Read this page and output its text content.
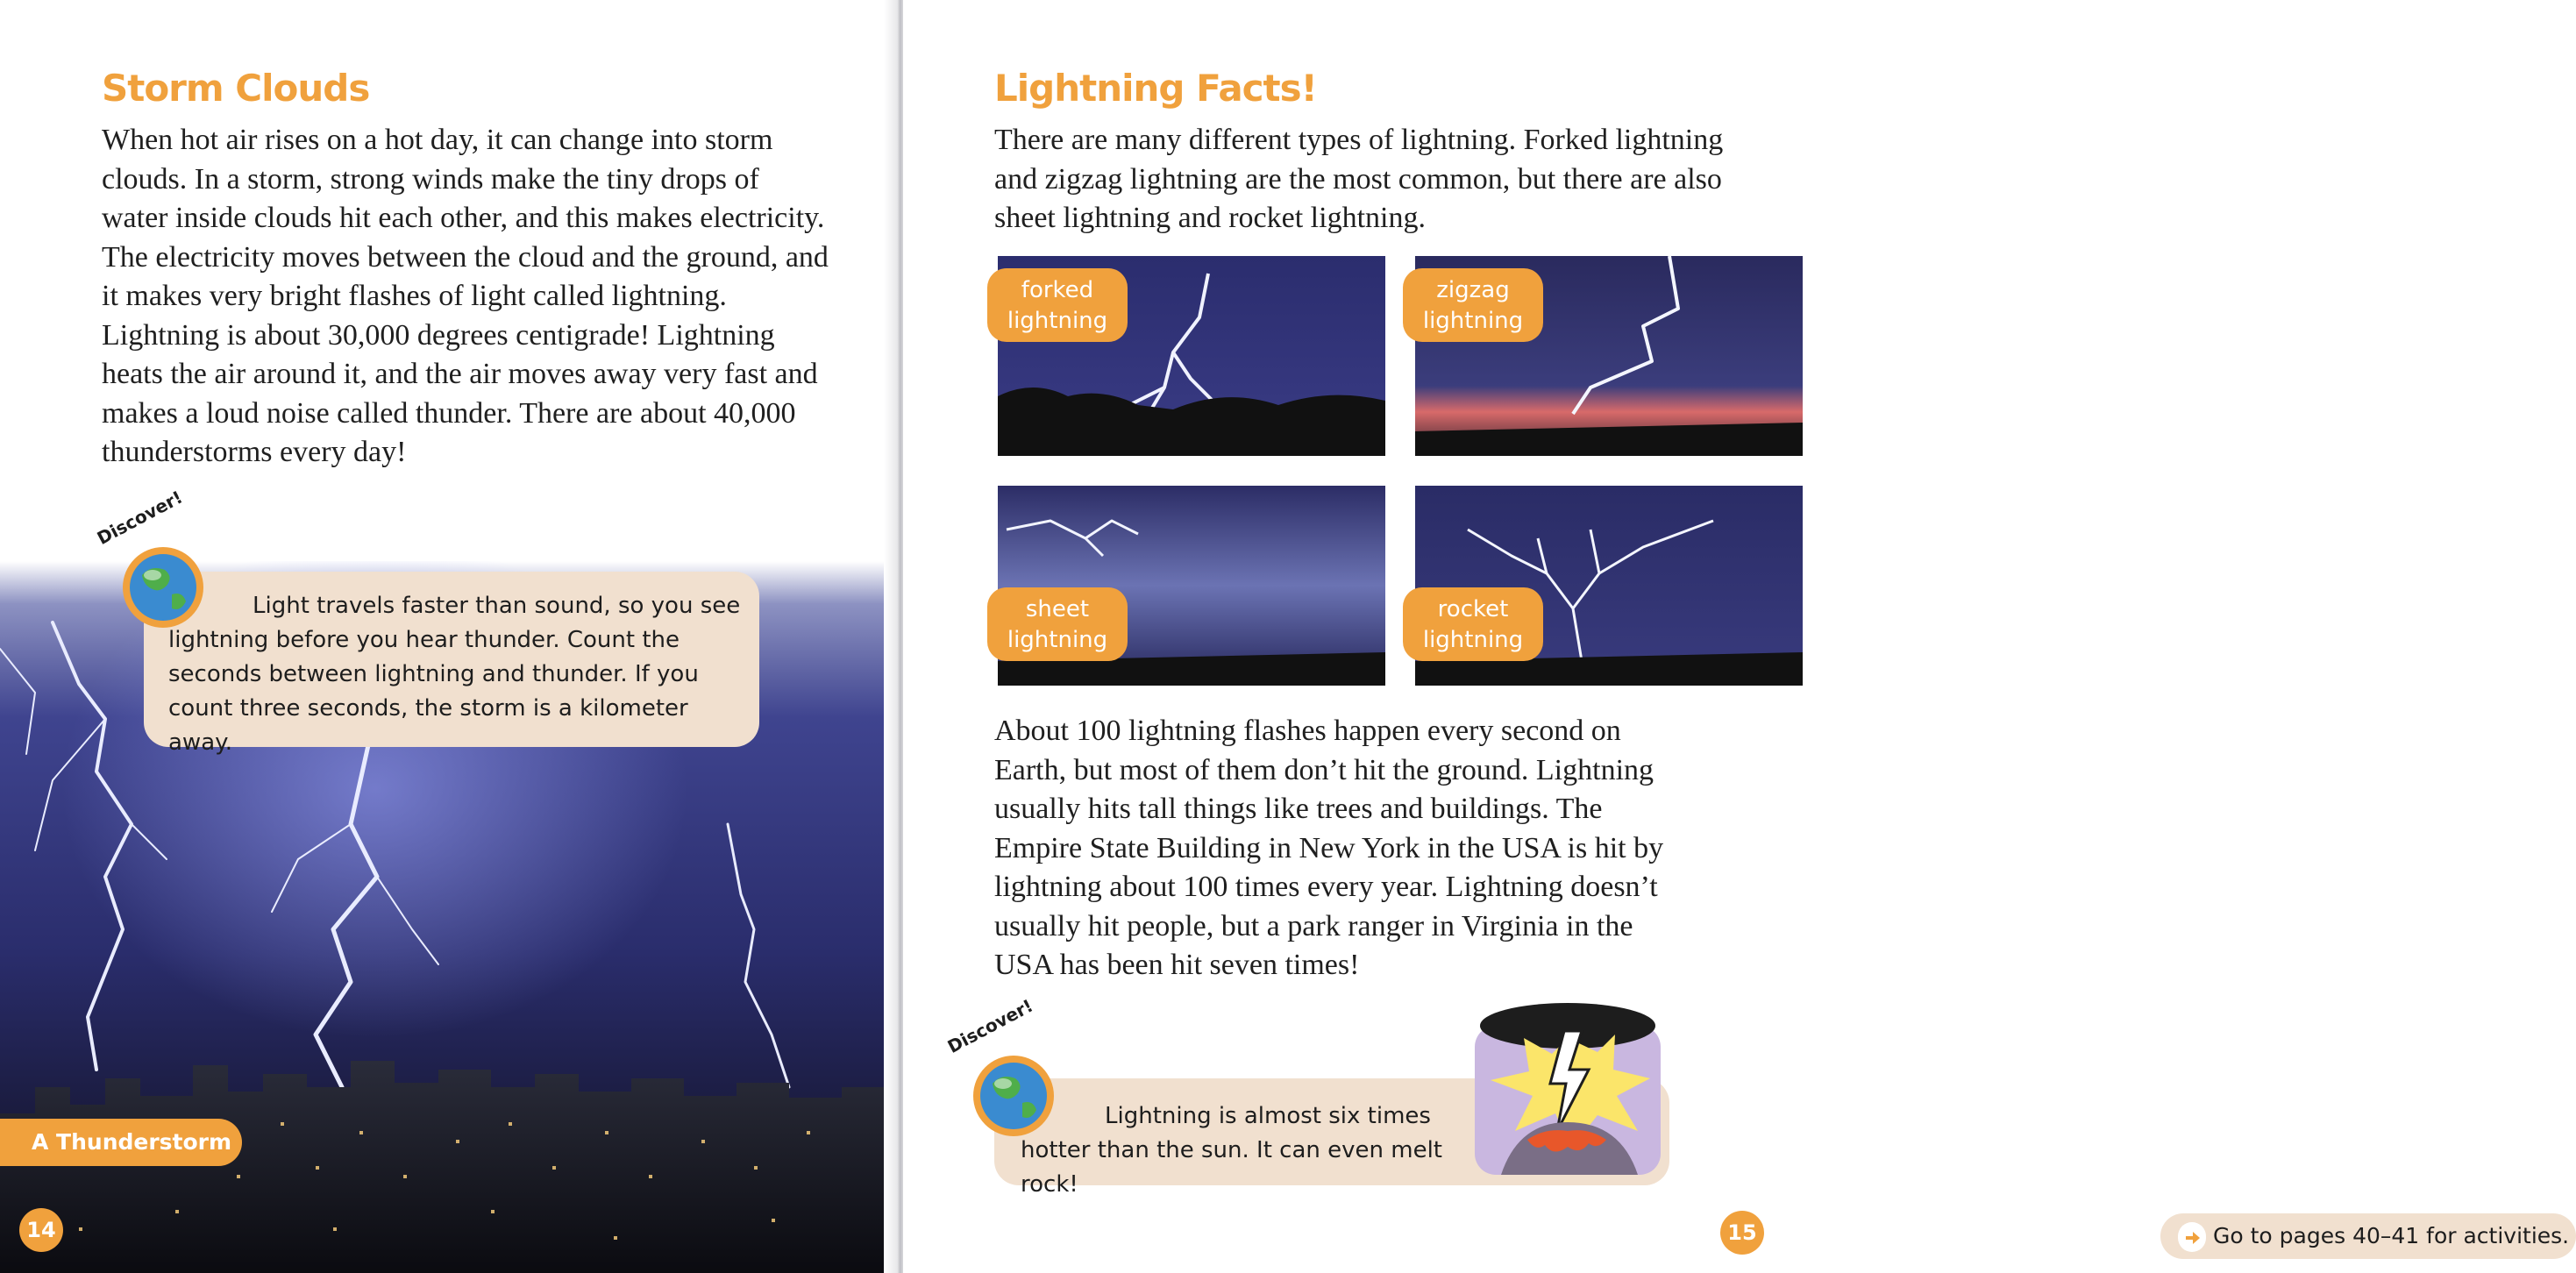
Storm Clouds

When hot air rises on a hot day, it can change into storm clouds. In a storm, strong winds make the tiny drops of water inside clouds hit each other, and this makes electricity. The electricity moves between the cloud and the ground, and it makes very bright flashes of light called lightning. Lightning is about 30,000 degrees centigrade! Lightning heats the air around it, and the air moves away very fast and makes a loud noise called thunder. There are about 40,000 thunderstorms every day!

Light travels faster than sound, so you see lightning before you hear thunder. Count the seconds between lightning and thunder. If you count three seconds, the storm is a kilometer away.

Discover!
A Thunderstorm
14
Lightning Facts!

There are many different types of lightning. Forked lightning and zigzag lightning are the most common, but there are also sheet lightning and rocket lightning.

forked
lightning
zigzag
lightning
sheet
lightning
rocket
lightning

About 100 lightning flashes happen every second on Earth, but most of them don’t hit the ground. Lightning usually hits tall things like trees and buildings. The Empire State Building in New York in the USA is hit by lightning about 100 times every year. Lightning doesn’t usually hit people, but a park ranger in Virginia in the USA has been hit seven times!

Lightning is almost six times hotter than the sun. It can even melt rock!

Discover!
Go to pages 40–41 for activities.
15
